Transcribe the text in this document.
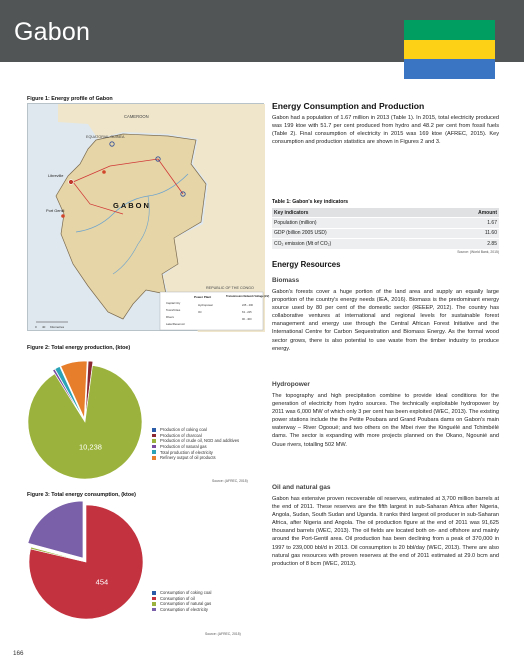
Gabon
Figure 1: Energy profile of Gabon
CAMEROON
EQUATORIAL GUINEA
Libreville
Port Gentil
GABON
REPUBLIC OF THE CONGO
0 40 Kilometres
Power Plant	Transmission Network Voltage (kV)
Capital City	Hydropower
Town/Cities	Oil
Rivers
Lake/Reservoir
225 - 400
63 - 225
90 - 400
Figure 2: Total energy production, (ktoe)
10,238
Production of coking coal
Production of charcoal
Production of crude oil, NGD and additives
Production of natural gas
Total production of electricity
Refinery output of oil products
Source: (AFREC, 2015)
Figure 3: Total energy consumption, (ktoe)
454
Consumption of coking coal
Consumption of oil
Consumption of natural gas
Consumption of electricity
Source: (AFREC, 2015)
Energy Consumption and Production
Gabon had a population of 1.67 million in 2013 (Table 1). In 2015, total electricity produced was 199 ktoe with 51.7 per cent produced from hydro and 48.2 per cent from fossil fuels (Table 2). Final consumption of electricity in 2015 was 169 ktoe (AFREC, 2015). Key consumption and production statistics are shown in Figures 2 and 3.
Table 1: Gabon's key indicators
Key indicators	Amount
Population (million)	1.67
GDP (billion 2005 USD)	11.60
CO₂ emission (Mt of CO₂)	2.85
Source: (World Bank, 2015)
Energy Resources
Biomass
Gabon's forests cover a huge portion of the land area and supply an equally large proportion of the country's energy needs (IEA, 2016). Biomass is the predominant energy source used by 80 per cent of the domestic sector (REEEP, 2012). The country has collaborative ventures at international and regional levels for sustainable forest management and energy use through the Central African Forest Initiative and the International Centre for Carbon Sequestration and Biomass Energy. As the formal wood sector grows, there is also potential to use waste from the timber industry to produce energy.
Hydropower
The topography and high precipitation combine to provide ideal conditions for the generation of electricity from hydro sources. The technically exploitable hydropower by 2011 was 6,000 MW of which only 3 per cent has been exploited (WEC, 2013). The existing power stations include the the Petite Poubara and Grand Poubara dams on Gabon's main waterway – River Ogooué; and two others on the Mbei river the Kinguélé and Tchimbélé dams. The sector is expanding with more projects planned on the Okano, Ngounié and Ouue rivers, totalling 502 MW.
Oil and natural gas
Gabon has extensive proven recoverable oil reserves, estimated at 3,700 million barrels at the end of 2011. These reserves are the fifth largest in sub-Saharan Africa after Nigeria, Angola, Sudan, South Sudan and Uganda. It ranks third largest oil producer in sub-Saharan Africa, after Nigeria and Angola. The oil production figure at the end of 2011 was 91,625 thousand barrels (WEC, 2013). The oil fields are located both on- and offshore and mainly around the Port-Gentil area. Oil production has been declining from a peak of 370,000 in 1997 to 239,000 bbl/d in 2013. Oil consumption is 20 bbl/day (WEC, 2013). There are also natural gas resources with proven reserves at the end of 2011 estimated at 29.0 bcm and production of 8 bcm (WEC, 2013).
166
